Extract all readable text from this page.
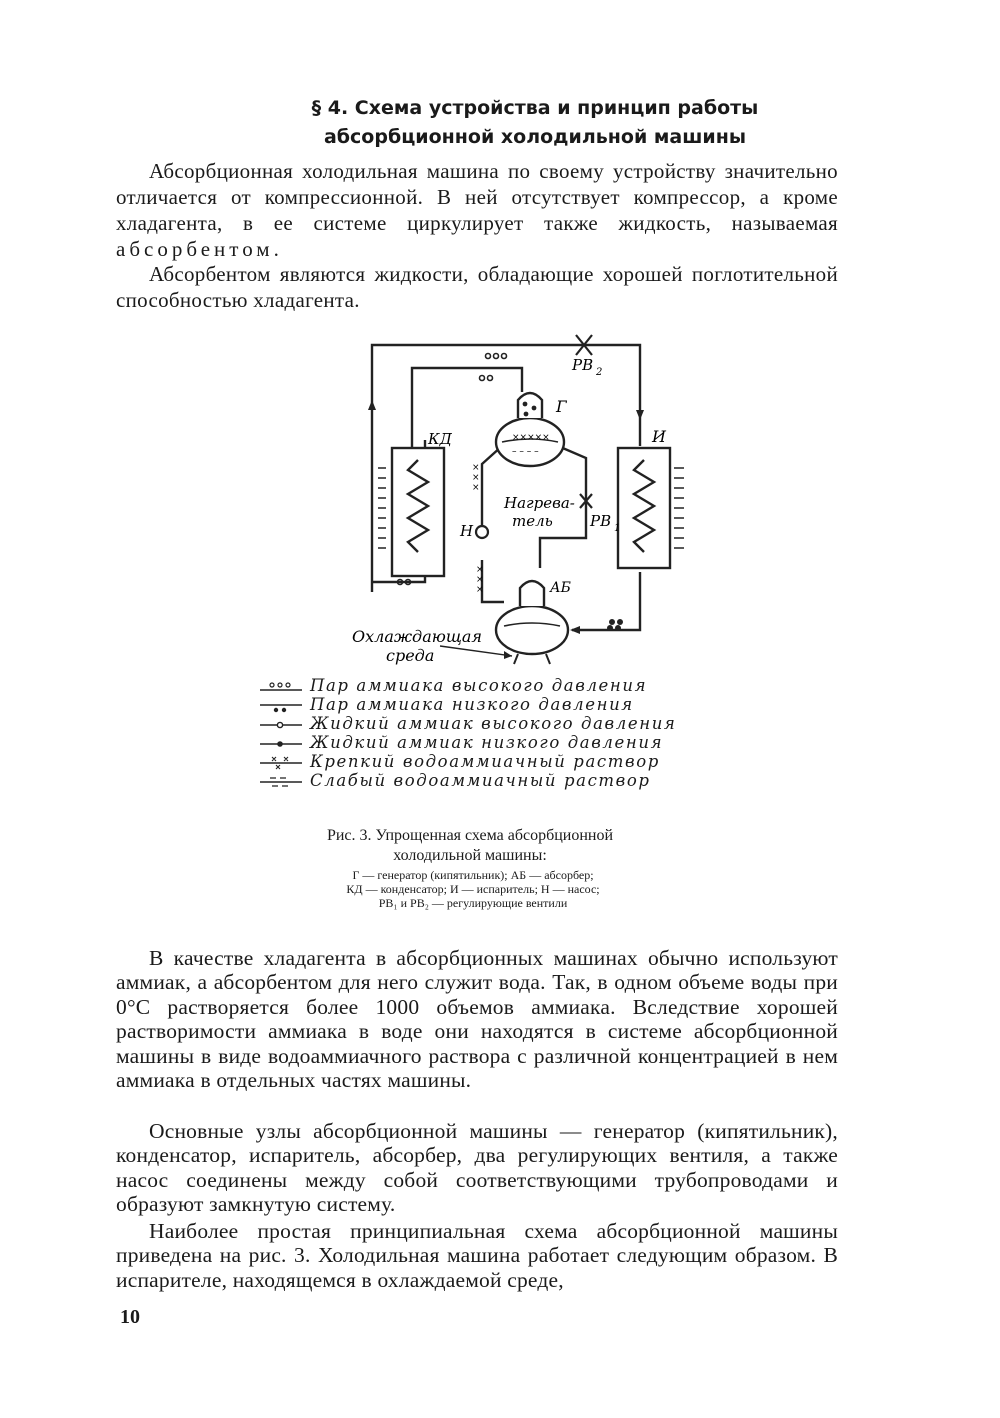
§ 4. Схема устройства и принцип работы
абсорбционной холодильной машины

Абсорбционная холодильная машина по своему устройству значительно отличается от компрессионной. В ней отсутствует компрессор, а кроме хладагента, в ее системе циркулирует также жидкость, называемая абсорбентом.

Абсорбентом являются жидкости, обладающие хорошей поглотительной способностью хладагента.

×××××
– – – –
×
×
×
×
×
×
РВ 2
Г
КД	И
Нагрева-
тель РВ 1
Н
АБ
Охлаждающая
среда
Пар аммиака высокого давления
Пар аммиака низкого давления
Жидкий аммиак высокого давления
Жидкий аммиак низкого давления
Крепкий водоаммиачный раствор
Слабый водоаммиачный раствор
Рис. 3. Упрощенная схема абсорбционной
холодильной машины:
Г — генератор (кипятильник); АБ — абсорбер;
КД — конденсатор; И — испаритель; Н — насос;
РВ₁ и РВ₂ — регулирующие вентили

В качестве хладагента в абсорбционных машинах обычно используют аммиак, а абсорбентом для него служит вода. Так, в одном объеме воды при 0°С растворяется более 1000 объемов аммиака. Вследствие хорошей растворимости аммиака в воде они находятся в системе абсорбционной машины в виде водоаммиачного раствора с различной концентрацией в нем аммиака в отдельных частях машины.

Основные узлы абсорбционной машины — генератор (кипятильник), конденсатор, испаритель, абсорбер, два регулирующих вентиля, а также насос соединены между собой соответствующими трубопроводами и образуют замкнутую систему.

Наиболее простая принципиальная схема абсорбционной машины приведена на рис. 3. Холодильная машина работает следующим образом. В испарителе, находящемся в охлаждаемой среде,

10
